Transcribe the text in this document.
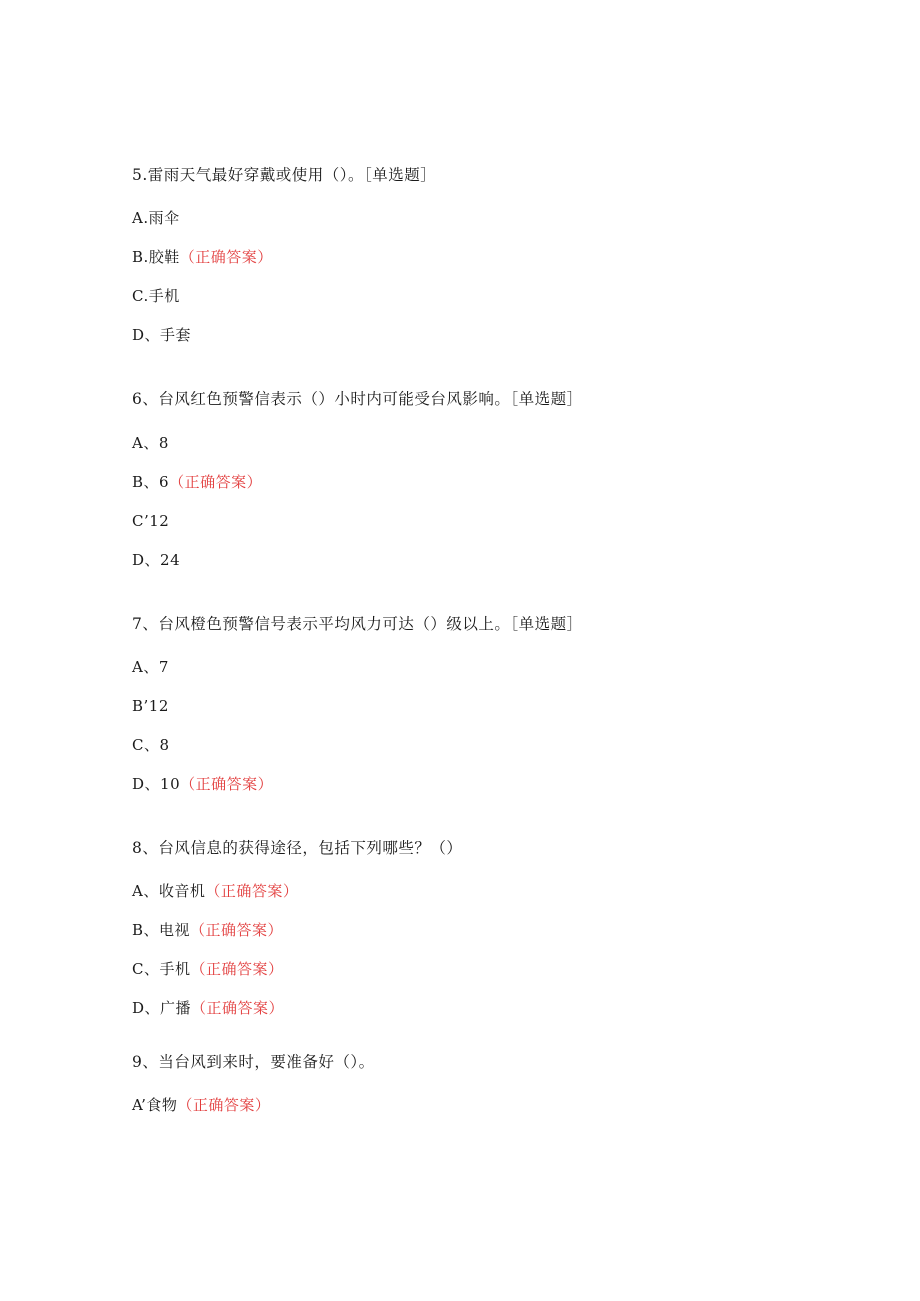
5.雷雨天气最好穿戴或使用（）。［单选题］
A.雨伞
B.胶鞋（正确答案）
C.手机
D、手套
6、台风红色预警信表示（）小时内可能受台风影响。［单选题］
A、8
B、6（正确答案）
C’12
D、24
7、台风橙色预警信号表示平均风力可达（）级以上。［单选题］
A、7
B’12
C、8
D、10（正确答案）
8、台风信息的获得途径，包括下列哪些？（）
A、收音机（正确答案）
B、电视（正确答案）
C、手机（正确答案）
D、广播（正确答案）
9、当台风到来时，要准备好（）。
A’食物（正确答案）
